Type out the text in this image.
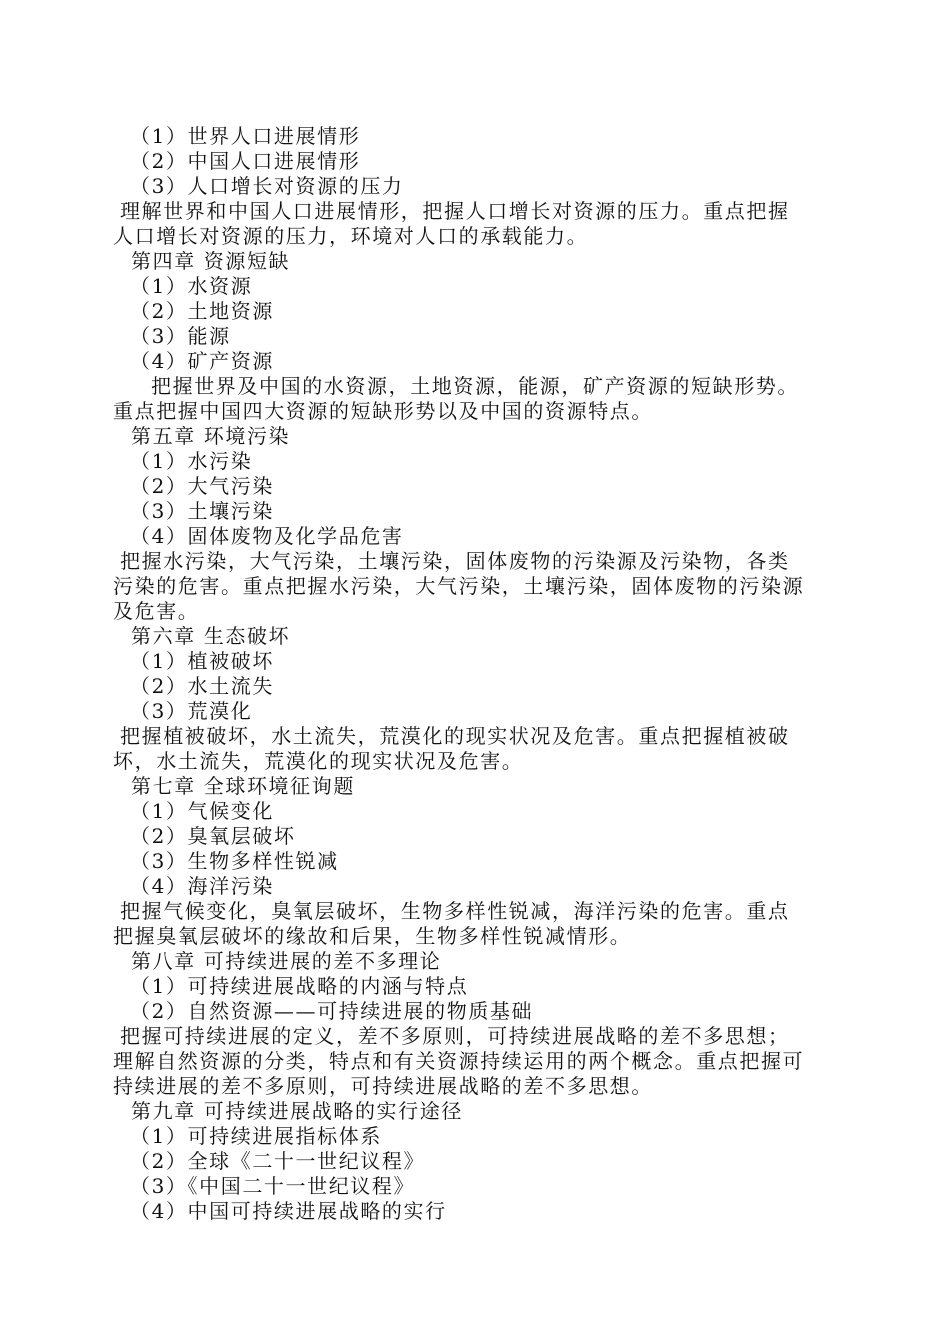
（1）世界人口进展情形
（2）中国人口进展情形
（3）人口增长对资源的压力
理解世界和中国人口进展情形，把握人口增长对资源的压力。重点把握
人口增长对资源的压力，环境对人口的承载能力。
第四章 资源短缺
（1）水资源
（2）土地资源
（3）能源
（4）矿产资源
把握世界及中国的水资源，土地资源，能源，矿产资源的短缺形势。
重点把握中国四大资源的短缺形势以及中国的资源特点。
第五章 环境污染
（1）水污染
（2）大气污染
（3）土壤污染
（4）固体废物及化学品危害
把握水污染，大气污染，土壤污染，固体废物的污染源及污染物，各类
污染的危害。重点把握水污染，大气污染，土壤污染，固体废物的污染源
及危害。
第六章 生态破坏
（1）植被破坏
（2）水土流失
（3）荒漠化
把握植被破坏，水土流失，荒漠化的现实状况及危害。重点把握植被破
坏，水土流失，荒漠化的现实状况及危害。
第七章 全球环境征询题
（1）气候变化
（2）臭氧层破坏
（3）生物多样性锐减
（4）海洋污染
把握气候变化，臭氧层破坏，生物多样性锐减，海洋污染的危害。重点
把握臭氧层破坏的缘故和后果，生物多样性锐减情形。
第八章 可持续进展的差不多理论
（1）可持续进展战略的内涵与特点
（2）自然资源——可持续进展的物质基础
把握可持续进展的定义，差不多原则，可持续进展战略的差不多思想；
理解自然资源的分类，特点和有关资源持续运用的两个概念。重点把握可
持续进展的差不多原则，可持续进展战略的差不多思想。
第九章 可持续进展战略的实行途径
（1）可持续进展指标体系
（2）全球《二十一世纪议程》
（3）《中国二十一世纪议程》
（4）中国可持续进展战略的实行
